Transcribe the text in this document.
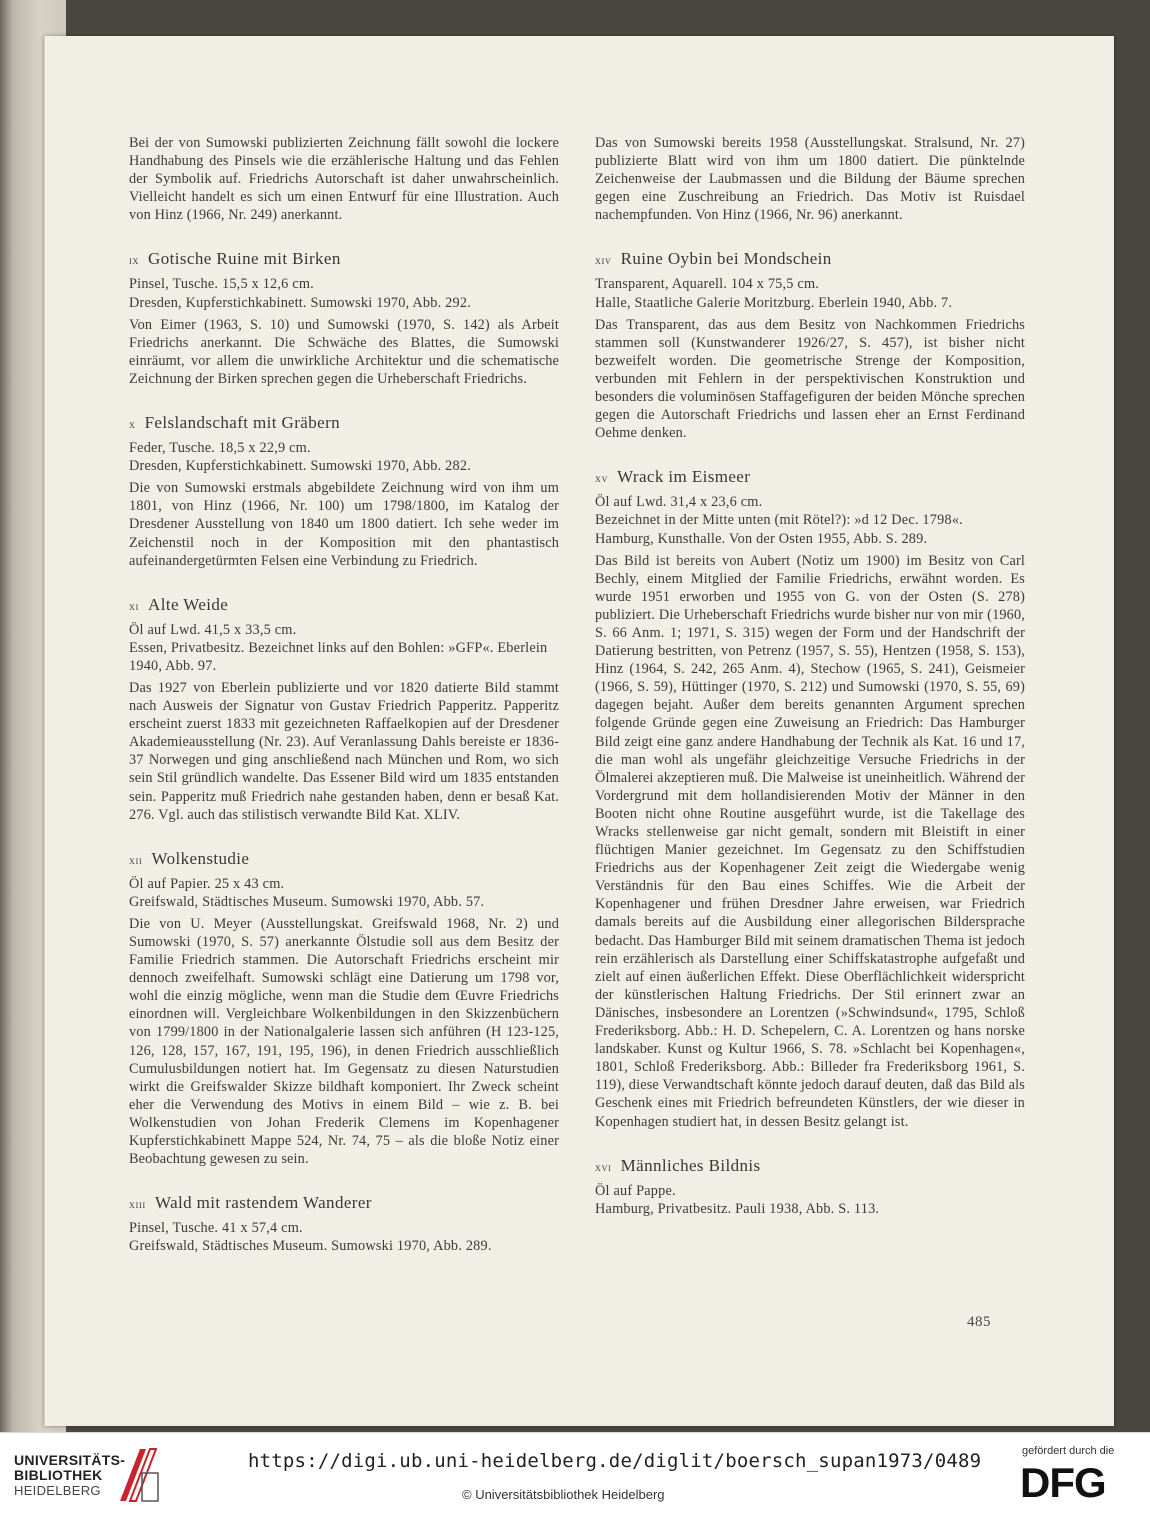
Bei der von Sumowski publizierten Zeichnung fällt sowohl die lockere Handhabung des Pinsels wie die erzählerische Haltung und das Fehlen der Symbolik auf. Friedrichs Autorschaft ist daher unwahrscheinlich. Vielleicht handelt es sich um einen Entwurf für eine Illustration. Auch von Hinz (1966, Nr. 249) anerkannt.

ix Gotische Ruine mit Birken
Pinsel, Tusche. 15,5 x 12,6 cm.
Dresden, Kupferstichkabinett. Sumowski 1970, Abb. 292.

Von Eimer (1963, S. 10) und Sumowski (1970, S. 142) als Arbeit Friedrichs anerkannt. Die Schwäche des Blattes, die Sumowski einräumt, vor allem die unwirkliche Architektur und die schematische Zeichnung der Birken sprechen gegen die Urheberschaft Friedrichs.

x Felslandschaft mit Gräbern
Feder, Tusche. 18,5 x 22,9 cm.
Dresden, Kupferstichkabinett. Sumowski 1970, Abb. 282.

Die von Sumowski erstmals abgebildete Zeichnung wird von ihm um 1801, von Hinz (1966, Nr. 100) um 1798/1800, im Katalog der Dresdener Ausstellung von 1840 um 1800 datiert. Ich sehe weder im Zeichenstil noch in der Komposition mit den phantastisch aufeinandergetürmten Felsen eine Verbindung zu Friedrich.

xi Alte Weide
Öl auf Lwd. 41,5 x 33,5 cm.
Essen, Privatbesitz. Bezeichnet links auf den Bohlen: »GFP«. Eberlein 1940, Abb. 97.

Das 1927 von Eberlein publizierte und vor 1820 datierte Bild stammt nach Ausweis der Signatur von Gustav Friedrich Papperitz. Papperitz erscheint zuerst 1833 mit gezeichneten Raffaelkopien auf der Dresdener Akademieausstellung (Nr. 23). Auf Veranlassung Dahls bereiste er 1836-37 Norwegen und ging anschließend nach München und Rom, wo sich sein Stil gründlich wandelte. Das Essener Bild wird um 1835 entstanden sein. Papperitz muß Friedrich nahe gestanden haben, denn er besaß Kat. 276. Vgl. auch das stilistisch verwandte Bild Kat. XLIV.

xii Wolkenstudie
Öl auf Papier. 25 x 43 cm.
Greifswald, Städtisches Museum. Sumowski 1970, Abb. 57.

Die von U. Meyer (Ausstellungskat. Greifswald 1968, Nr. 2) und Sumowski (1970, S. 57) anerkannte Ölstudie soll aus dem Besitz der Familie Friedrich stammen. Die Autorschaft Friedrichs erscheint mir dennoch zweifelhaft. Sumowski schlägt eine Datierung um 1798 vor, wohl die einzig mögliche, wenn man die Studie dem Œuvre Friedrichs einordnen will. Vergleichbare Wolkenbildungen in den Skizzenbüchern von 1799/1800 in der Nationalgalerie lassen sich anführen (H 123-125, 126, 128, 157, 167, 191, 195, 196), in denen Friedrich ausschließlich Cumulusbildungen notiert hat. Im Gegensatz zu diesen Naturstudien wirkt die Greifswalder Skizze bildhaft komponiert. Ihr Zweck scheint eher die Verwendung des Motivs in einem Bild – wie z. B. bei Wolkenstudien von Johan Frederik Clemens im Kopenhagener Kupferstichkabinett Mappe 524, Nr. 74, 75 – als die bloße Notiz einer Beobachtung gewesen zu sein.

xiii Wald mit rastendem Wanderer
Pinsel, Tusche. 41 x 57,4 cm.
Greifswald, Städtisches Museum. Sumowski 1970, Abb. 289.

Das von Sumowski bereits 1958 (Ausstellungskat. Stralsund, Nr. 27) publizierte Blatt wird von ihm um 1800 datiert. Die pünktelnde Zeichenweise der Laubmassen und die Bildung der Bäume sprechen gegen eine Zuschreibung an Friedrich. Das Motiv ist Ruisdael nachempfunden. Von Hinz (1966, Nr. 96) anerkannt.

xiv Ruine Oybin bei Mondschein
Transparent, Aquarell. 104 x 75,5 cm.
Halle, Staatliche Galerie Moritzburg. Eberlein 1940, Abb. 7.

Das Transparent, das aus dem Besitz von Nachkommen Friedrichs stammen soll (Kunstwanderer 1926/27, S. 457), ist bisher nicht bezweifelt worden. Die geometrische Strenge der Komposition, verbunden mit Fehlern in der perspektivischen Konstruktion und besonders die voluminösen Staffagefiguren der beiden Mönche sprechen gegen die Autorschaft Friedrichs und lassen eher an Ernst Ferdinand Oehme denken.

xv Wrack im Eismeer
Öl auf Lwd. 31,4 x 23,6 cm.
Bezeichnet in der Mitte unten (mit Rötel?): »d 12 Dec. 1798«.
Hamburg, Kunsthalle. Von der Osten 1955, Abb. S. 289.

Das Bild ist bereits von Aubert (Notiz um 1900) im Besitz von Carl Bechly, einem Mitglied der Familie Friedrichs, erwähnt worden. Es wurde 1951 erworben und 1955 von G. von der Osten (S. 278) publiziert. Die Urheberschaft Friedrichs wurde bisher nur von mir (1960, S. 66 Anm. 1; 1971, S. 315) wegen der Form und der Handschrift der Datierung bestritten, von Petrenz (1957, S. 55), Hentzen (1958, S. 153), Hinz (1964, S. 242, 265 Anm. 4), Stechow (1965, S. 241), Geismeier (1966, S. 59), Hüttinger (1970, S. 212) und Sumowski (1970, S. 55, 69) dagegen bejaht. Außer dem bereits genannten Argument sprechen folgende Gründe gegen eine Zuweisung an Friedrich: Das Hamburger Bild zeigt eine ganz andere Handhabung der Technik als Kat. 16 und 17, die man wohl als ungefähr gleichzeitige Versuche Friedrichs in der Ölmalerei akzeptieren muß. Die Malweise ist uneinheitlich. Während der Vordergrund mit dem hollandisierenden Motiv der Männer in den Booten nicht ohne Routine ausgeführt wurde, ist die Takellage des Wracks stellenweise gar nicht gemalt, sondern mit Bleistift in einer flüchtigen Manier gezeichnet. Im Gegensatz zu den Schiffstudien Friedrichs aus der Kopenhagener Zeit zeigt die Wiedergabe wenig Verständnis für den Bau eines Schiffes. Wie die Arbeit der Kopenhagener und frühen Dresdner Jahre erweisen, war Friedrich damals bereits auf die Ausbildung einer allegorischen Bildersprache bedacht. Das Hamburger Bild mit seinem dramatischen Thema ist jedoch rein erzählerisch als Darstellung einer Schiffskatastrophe aufgefaßt und zielt auf einen äußerlichen Effekt. Diese Oberflächlichkeit widerspricht der künstlerischen Haltung Friedrichs. Der Stil erinnert zwar an Dänisches, insbesondere an Lorentzen (»Schwindsund«, 1795, Schloß Frederiksborg. Abb.: H. D. Schepelern, C. A. Lorentzen og hans norske landskaber. Kunst og Kultur 1966, S. 78. »Schlacht bei Kopenhagen«, 1801, Schloß Frederiksborg. Abb.: Billeder fra Frederiksborg 1961, S. 119), diese Verwandtschaft könnte jedoch darauf deuten, daß das Bild als Geschenk eines mit Friedrich befreundeten Künstlers, der wie dieser in Kopenhagen studiert hat, in dessen Besitz gelangt ist.

xvi Männliches Bildnis
Öl auf Pappe.
Hamburg, Privatbesitz. Pauli 1938, Abb. S. 113.
485
UNIVERSITÄTS-
BIBLIOTHEK
HEIDELBERG
https://digi.ub.uni-heidelberg.de/diglit/boersch_supan1973/0489
© Universitätsbibliothek Heidelberg
gefördert durch die
DFG
